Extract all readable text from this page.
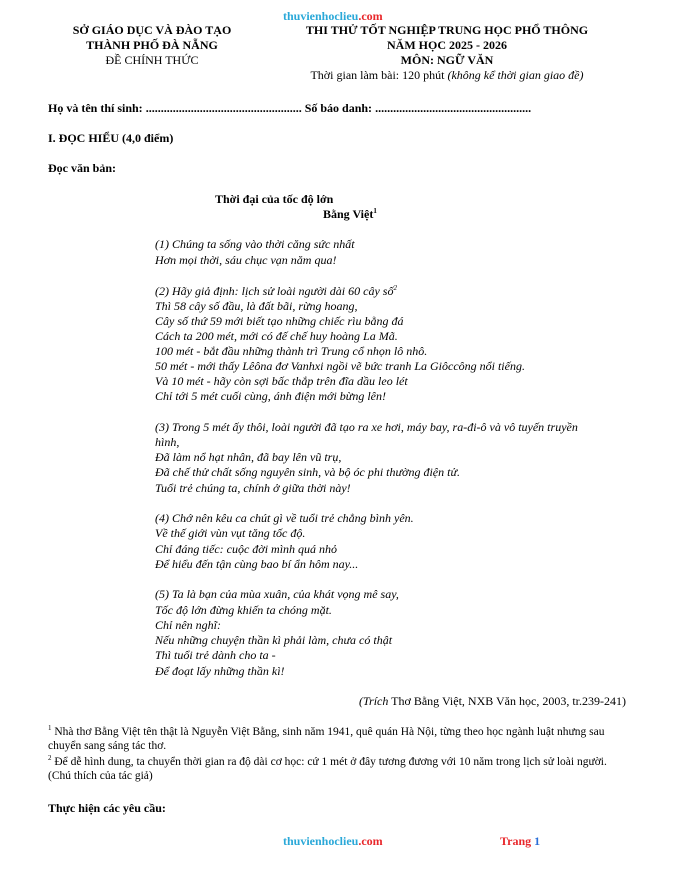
thuvienhoclieu.com
SỞ GIÁO DỤC VÀ ĐÀO TẠO
THÀNH PHỐ ĐÀ NẴNG
ĐỀ CHÍNH THỨC
THI THỬ TỐT NGHIỆP TRUNG HỌC PHỔ THÔNG
NĂM HỌC 2025 - 2026
MÔN: NGỮ VĂN
Thời gian làm bài: 120 phút (không kể thời gian giao đề)
Họ và tên thí sinh: .................................................... Số báo danh: ....................................................
I. ĐỌC HIỂU (4,0 điểm)
Đọc văn bản:
Thời đại của tốc độ lớn
Bằng Việt$^1$
(1) Chúng ta sống vào thời căng sức nhất
Hơn mọi thời, sáu chục vạn năm qua!
(2) Hãy giả định: lịch sử loài người dài 60 cây số$^2$
Thì 58 cây số đầu, là đất bãi, rừng hoang,
Cây số thứ 59 mới biết tạo những chiếc rìu bằng đá
Cách ta 200 mét, mới có đế chế huy hoàng La Mã.
100 mét - bắt đầu những thành trì Trung cổ nhọn lô nhô.
50 mét - mới thấy Lêôna đơ Vanhxi ngồi vẽ bức tranh La Giôccông nổi tiếng.
Và 10 mét - hãy còn sợi bấc thắp trên đĩa dầu leo lét
Chỉ tới 5 mét cuối cùng, ánh điện mới bừng lên!
(3) Trong 5 mét ấy thôi, loài người đã tạo ra xe hơi, máy bay, ra-đi-ô và vô tuyến truyền
hình,
Đã làm nổ hạt nhân, đã bay lên vũ trụ,
Đã chế thử chất sống nguyên sinh, và bộ óc phi thường điện tử.
Tuổi trẻ chúng ta, chính ở giữa thời này!
(4) Chớ nên kêu ca chút gì về tuổi trẻ chẳng bình yên.
Về thế giới vùn vụt tăng tốc độ.
Chỉ đáng tiếc: cuộc đời mình quá nhỏ
Để hiểu đến tận cùng bao bí ẩn hôm nay...
(5) Ta là bạn của mùa xuân, của khát vọng mê say,
Tốc độ lớn đừng khiến ta chóng mặt.
Chỉ nên nghĩ:
Nếu những chuyện thần kì phải làm, chưa có thật
Thì tuổi trẻ dành cho ta -
Để đoạt lấy những thần kì!
(Trích Thơ Bằng Việt, NXB Văn học, 2003, tr.239-241)
$^1$ Nhà thơ Bằng Việt tên thật là Nguyễn Việt Bằng, sinh năm 1941, quê quán Hà Nội, từng theo học ngành luật nhưng sau chuyển sang sáng tác thơ.
$^2$ Để dễ hình dung, ta chuyển thời gian ra độ dài cơ học: cứ 1 mét ở đây tương đương với 10 năm trong lịch sử loài người. (Chú thích của tác giả)
Thực hiện các yêu cầu:
thuvienhoclieu.com	Trang 1
